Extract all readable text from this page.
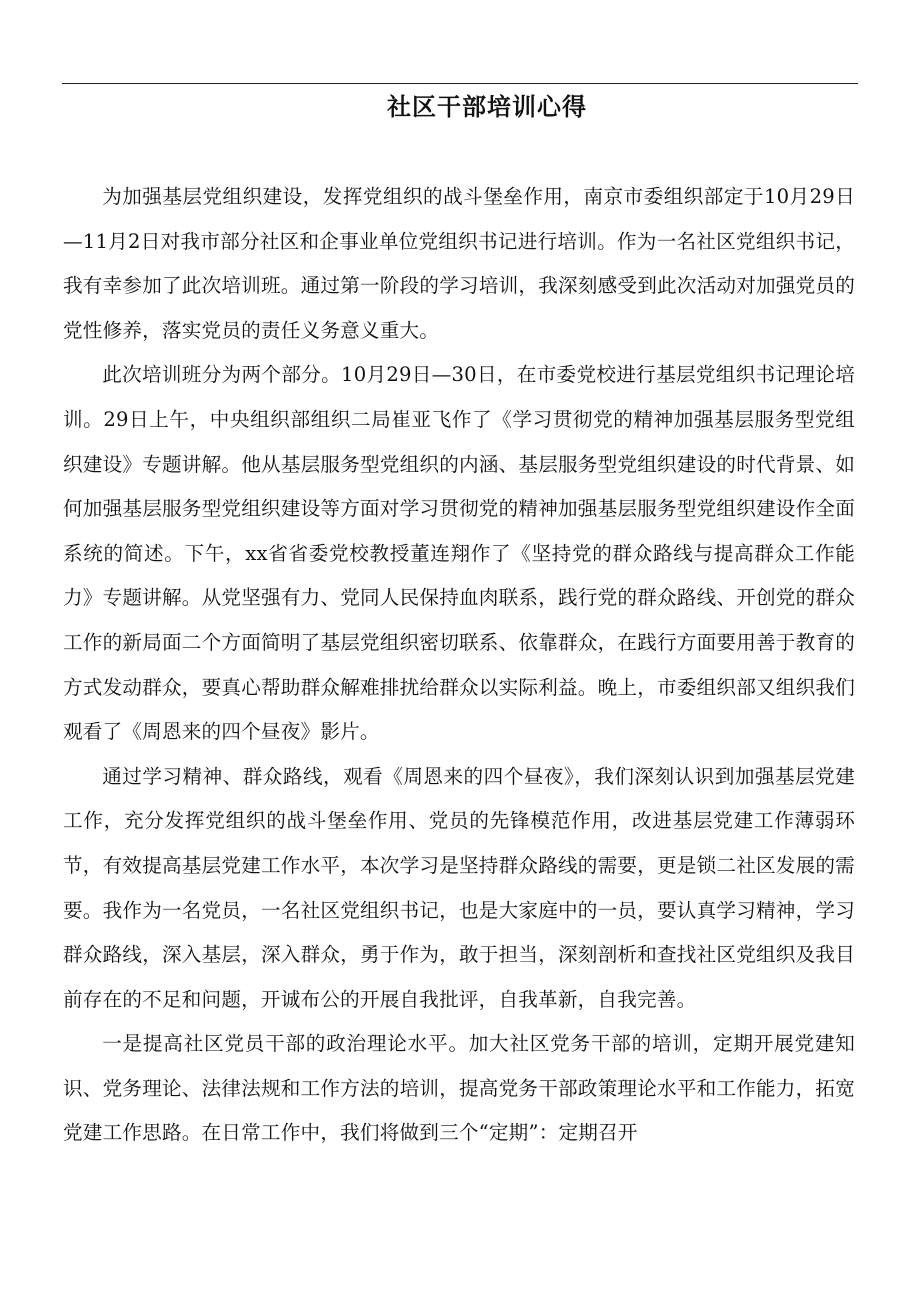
社区干部培训心得

为加强基层党组织建设，发挥党组织的战斗堡垒作用，南京市委组织部定于10月29日—11月2日对我市部分社区和企事业单位党组织书记进行培训。作为一名社区党组织书记，我有幸参加了此次培训班。通过第一阶段的学习培训，我深刻感受到此次活动对加强党员的党性修养，落实党员的责任义务意义重大。

此次培训班分为两个部分。10月29日—30日，在市委党校进行基层党组织书记理论培训。29日上午，中央组织部组织二局崔亚飞作了《学习贯彻党的精神加强基层服务型党组织建设》专题讲解。他从基层服务型党组织的内涵、基层服务型党组织建设的时代背景、如何加强基层服务型党组织建设等方面对学习贯彻党的精神加强基层服务型党组织建设作全面系统的简述。下午，xx省省委党校教授董连翔作了《坚持党的群众路线与提高群众工作能力》专题讲解。从党坚强有力、党同人民保持血肉联系，践行党的群众路线、开创党的群众工作的新局面二个方面简明了基层党组织密切联系、依靠群众，在践行方面要用善于教育的方式发动群众，要真心帮助群众解难排扰给群众以实际利益。晚上，市委组织部又组织我们观看了《周恩来的四个昼夜》影片。

通过学习精神、群众路线，观看《周恩来的四个昼夜》，我们深刻认识到加强基层党建工作，充分发挥党组织的战斗堡垒作用、党员的先锋模范作用，改进基层党建工作薄弱环节，有效提高基层党建工作水平，本次学习是坚持群众路线的需要，更是锁二社区发展的需要。我作为一名党员，一名社区党组织书记，也是大家庭中的一员，要认真学习精神，学习群众路线，深入基层，深入群众，勇于作为，敢于担当，深刻剖析和查找社区党组织及我目前存在的不足和问题，开诚布公的开展自我批评，自我革新，自我完善。

一是提高社区党员干部的政治理论水平。加大社区党务干部的培训，定期开展党建知识、党务理论、法律法规和工作方法的培训，提高党务干部政策理论水平和工作能力，拓宽党建工作思路。在日常工作中，我们将做到三个“定期”：定期召开
